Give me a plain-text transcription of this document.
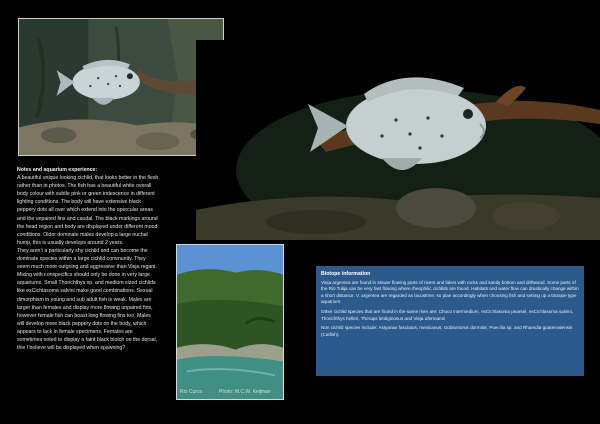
Notes and aquarium experience:

A beautiful unique looking cichlid, that looks better in the flesh rather than in photos. The fish has a beautiful white overall body colour with subtle pink or green iridescence in different lighting conditions. The body will have extensive black peppery dots all over which extend into the opercular areas and the unpaired fins and caudal. The black markings around the head region and body are displayed under different mood conditions. Older dominate males develop a large nuchal hump, this is usually develops around 2 years.

They aren’t a particularly shy cichlid and can become the dominate species within a large cichlid community. They seem much more outgoing and aggressive than Vieja regani. Mixing with conspecifics should only be done in very large aquariums. Small Thorichthys sp. and medium sized cichlids like exCichlasoma salvini make good combinations. Sexual dimorphism in young and sub adult fish is weak. Males are larger than females and display more flowing unpaired fins, however female fish can boast long flowing fins too. Males will develop more black peppery dots on the body, which appears to lack in female specimens. Females are sometimes noted to display a faint black blotch on the dorsal, this I believe will be displayed when spawning?

Rio Curco	Photo: M.C.W. Keijman
Biotope information

Vieja argentea are found in slower flowing parts of rivers and lakes with rocks and sandy bottom and driftwood. Some parts of the Rio Tulija can be very fast flowing where rheophilic cichlids are found. Habitats and water flow can drastically change within a short distance. V. argentea are regarded as lacustrine, so plan accordingly when choosing fish and setting up a biotope type aquarium.

Other cichlid species that are found in the same river are: Chuco intermedium, exCichlasoma pearsei, exCichlasoma salvini, Thorichthys helleri, Theraps lentiginosus and Vieja ufermanni

Non cichlid species include: Astyanax fasciatus, mexicanus, Gobiomorus dormitor, Poecilia sp. and Rhamdia guatemalensis (Catfish).
